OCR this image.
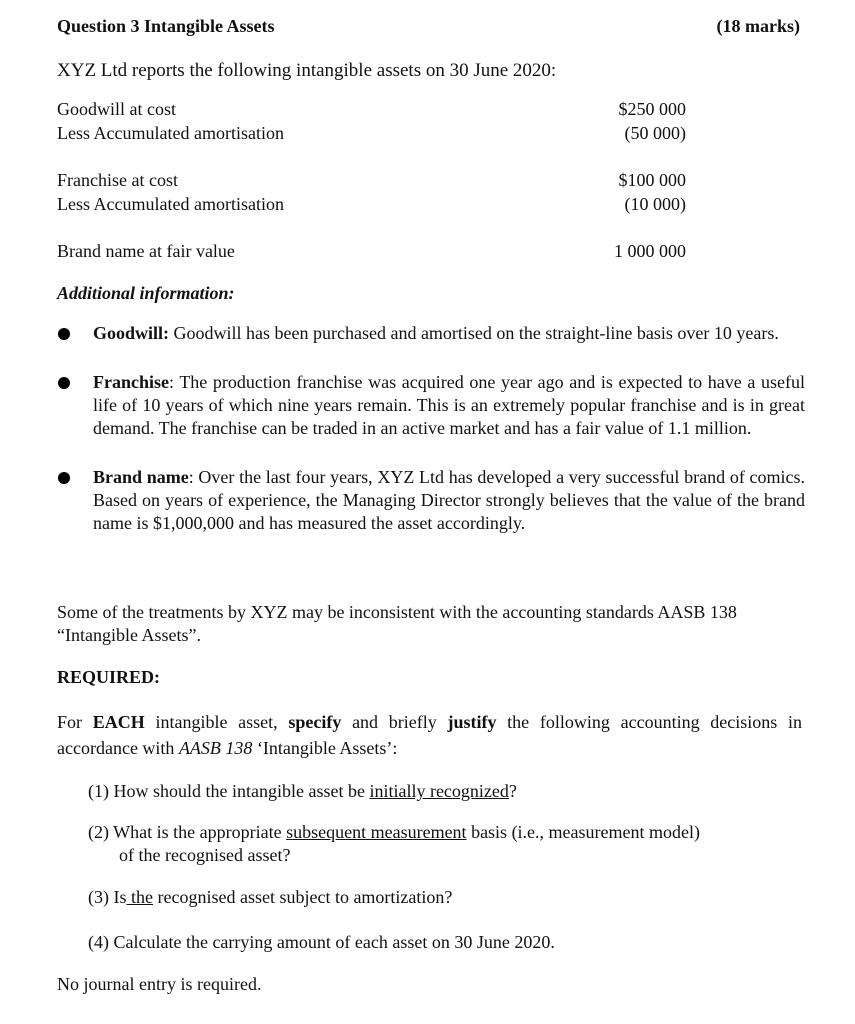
Question 3 Intangible Assets	(18 marks)
XYZ Ltd reports the following intangible assets on 30 June 2020:
Goodwill at cost	$250 000
Less Accumulated amortisation	(50 000)
Franchise at cost	$100 000
Less Accumulated amortisation	(10 000)
Brand name at fair value	1 000 000
Additional information:
Goodwill: Goodwill has been purchased and amortised on the straight-line basis over 10 years.
Franchise: The production franchise was acquired one year ago and is expected to have a useful life of 10 years of which nine years remain. This is an extremely popular franchise and is in great demand. The franchise can be traded in an active market and has a fair value of 1.1 million.
Brand name: Over the last four years, XYZ Ltd has developed a very successful brand of comics. Based on years of experience, the Managing Director strongly believes that the value of the brand name is $1,000,000 and has measured the asset accordingly.
Some of the treatments by XYZ may be inconsistent with the accounting standards AASB 138 “Intangible Assets”.
REQUIRED:
For EACH intangible asset, specify and briefly justify the following accounting decisions in accordance with AASB 138 ‘Intangible Assets’:
(1) How should the intangible asset be initially recognized?
(2) What is the appropriate subsequent measurement basis (i.e., measurement model)
of the recognised asset?
(3) Is the recognised asset subject to amortization?
(4) Calculate the carrying amount of each asset on 30 June 2020.
No journal entry is required.
